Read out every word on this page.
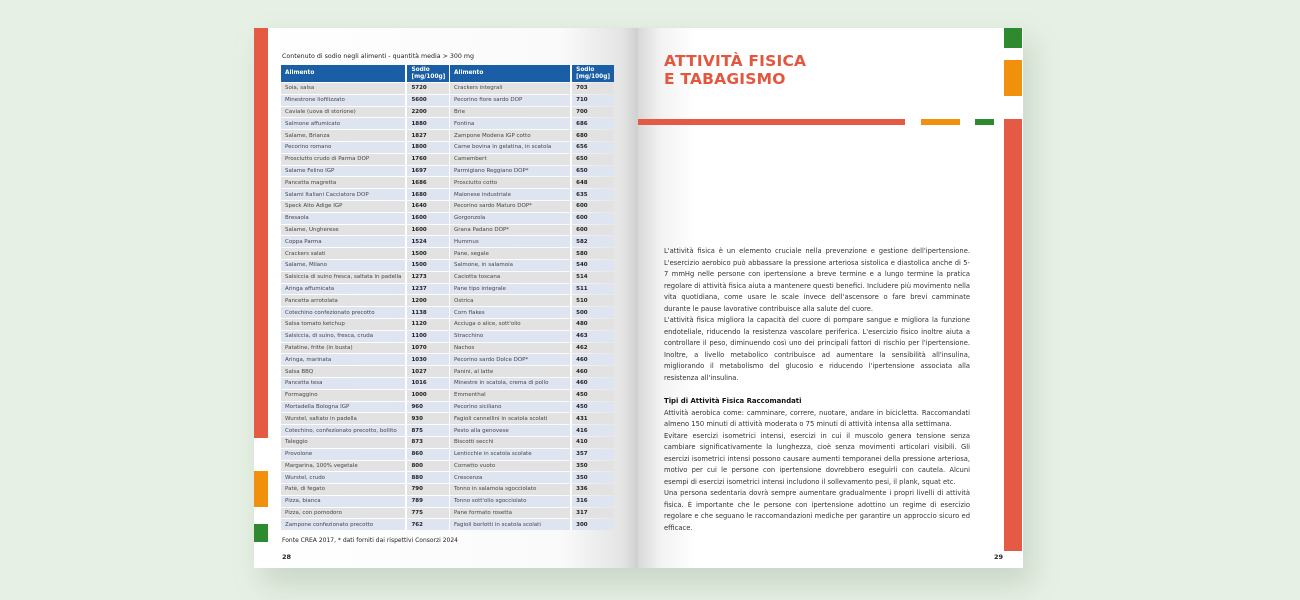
Contenuto di sodio negli alimenti - quantità media > 300 mg
Alimento	Sodio [mg/100g]
Soia, salsa	5720
Minestrone liofilizzato	5600
Caviale (uova di storione)	2200
Salmone affumicato	1880
Salame, Brianza	1827
Pecorino romano	1800
Prosciutto crudo di Parma DOP	1760
Salame Felino IGP	1697
Pancetta magretta	1686
Salami Italiani Cacciatora DOP	1680
Speck Alto Adige IGP	1640
Bresaola	1600
Salame, Ungherese	1600
Coppa Parma	1524
Crackers salati	1500
Salame, Milano	1500
Salsiccia di suino fresca, saltata in padella	1273
Aringa affumicata	1237
Pancetta arrotolata	1200
Cotechino confezionato precotto	1138
Salsa tomato ketchup	1120
Salsiccia, di suino, fresca, cruda	1100
Patatine, fritte (in busta)	1070
Aringa, marinata	1030
Salsa BBQ	1027
Pancetta tesa	1016
Formaggino	1000
Mortadella Bologna IGP	960
Wurstel, saltato in padella	930
Cotechino, confezionato precotto, bollito	875
Taleggio	873
Provolone	860
Margarina, 100% vegetale	800
Wurstel, crudo	880
Patè, di fegato	790
Pizza, bianca	789
Pizza, con pomodoro	775
Zampone confezionato precotto	762
Alimento	Sodio [mg/100g]
Crackers integrali	703
Pecorino fiore sardo DOP	710
Brie	700
Fontina	686
Zampone Modena IGP cotto	680
Carne bovina in gelatina, in scatola	656
Camembert	650
Parmigiano Reggiano DOP*	650
Prosciutto cotto	648
Maionese industriale	635
Pecorino sardo Maturo DOP*	600
Gorgonzola	600
Grana Padano DOP*	600
Hummus	582
Pane, segale	580
Salmone, in salamoia	540
Caciotta toscana	514
Pane tipo integrale	511
Ostrica	510
Corn flakes	500
Acciuga o alice, sott'olio	480
Stracchino	463
Nachos	462
Pecorino sardo Dolce DOP*	460
Panini, al latte	460
Minestre in scatola, crema di pollo	460
Emmenthal	450
Pecorino siciliano	450
Fagioli cannellini in scatola scolati	431
Pesto alla genovese	416
Biscotti secchi	410
Lenticchie in scatola scolate	357
Cornetto vuoto	350
Crescenza	350
Tonno in salamoia sgocciolato	336
Tonno sott'olio sgocciolato	316
Pane formato rosetta	317
Fagioli borlotti in scatola scolati	300
Fonte CREA 2017, * dati forniti dai rispettivi Consorzi 2024
28
ATTIVITÀ FISICA
E TABAGISMO

L'attività fisica è un elemento cruciale nella prevenzione e gestione dell'ipertensione. L'esercizio aerobico può abbassare la pressione arteriosa sistolica e diastolica anche di 5-7 mmHg nelle persone con ipertensione a breve termine e a lungo termine la pratica regolare di attività fisica aiuta a mantenere questi benefici. Includere più movimento nella vita quotidiana, come usare le scale invece dell'ascensore o fare brevi camminate durante le pause lavorative contribuisce alla salute del cuore.

L'attività fisica migliora la capacità del cuore di pompare sangue e migliora la funzione endoteliale, riducendo la resistenza vascolare periferica. L'esercizio fisico inoltre aiuta a controllare il peso, diminuendo così uno dei principali fattori di rischio per l'ipertensione. Inoltre, a livello metabolico contribuisce ad aumentare la sensibilità all'insulina, migliorando il metabolismo del glucosio e riducendo l'ipertensione associata alla resistenza all'insulina.

Tipi di Attività Fisica Raccomandati

Attività aerobica come: camminare, correre, nuotare, andare in bicicletta. Raccomandati almeno 150 minuti di attività moderata o 75 minuti di attività intensa alla settimana.

Evitare esercizi isometrici intensi, esercizi in cui il muscolo genera tensione senza cambiare significativamente la lunghezza, cioè senza movimenti articolari visibili. Gli esercizi isometrici intensi possono causare aumenti temporanei della pressione arteriosa, motivo per cui le persone con ipertensione dovrebbero eseguirli con cautela. Alcuni esempi di esercizi isometrici intensi includono il sollevamento pesi, il plank, squat etc.

Una persona sedentaria dovrà sempre aumentare gradualmente i propri livelli di attività fisica. È importante che le persone con ipertensione adottino un regime di esercizio regolare e che seguano le raccomandazioni mediche per garantire un approccio sicuro ed efficace.

29
